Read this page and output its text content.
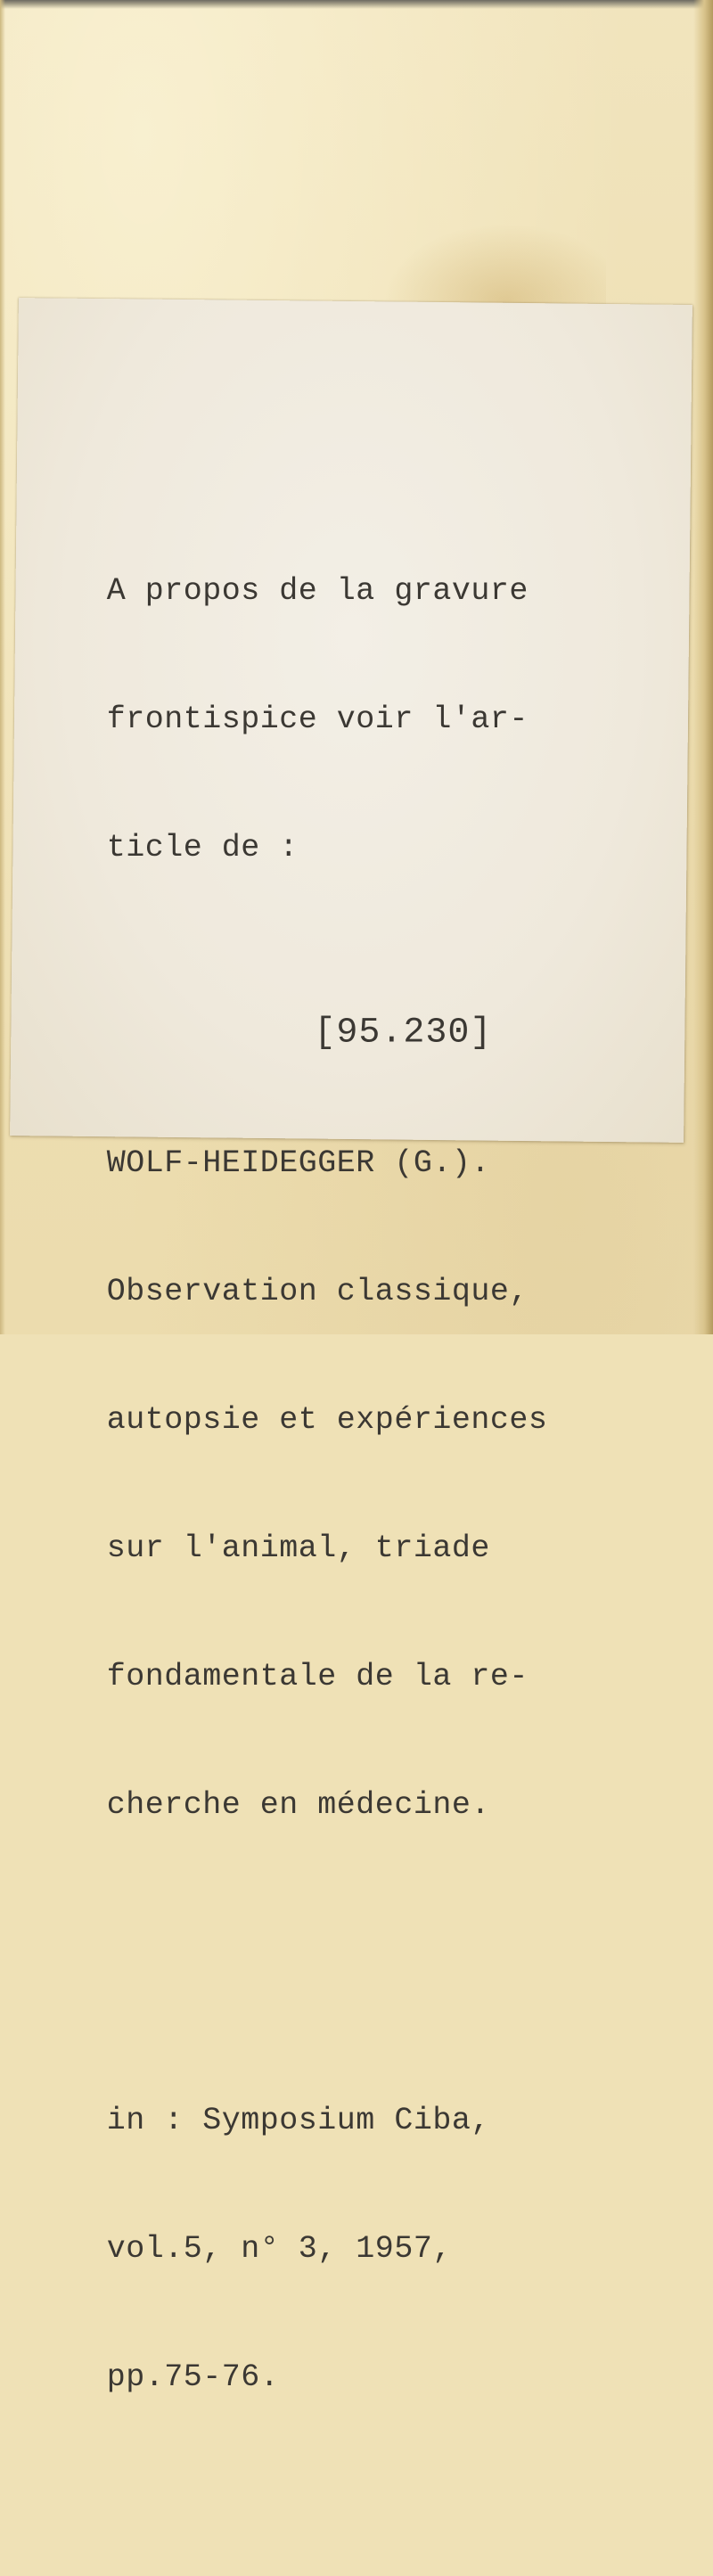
A propos de la gravure

frontispice voir l'ar-

ticle de :

WOLF-HEIDEGGER (G.).

Observation classique,

autopsie et expériences

sur l'animal, triade

fondamentale de la re-

cherche en médecine.

in : Symposium Ciba,

vol.5, n° 3, 1957,

pp.75-76.

[95.230]
